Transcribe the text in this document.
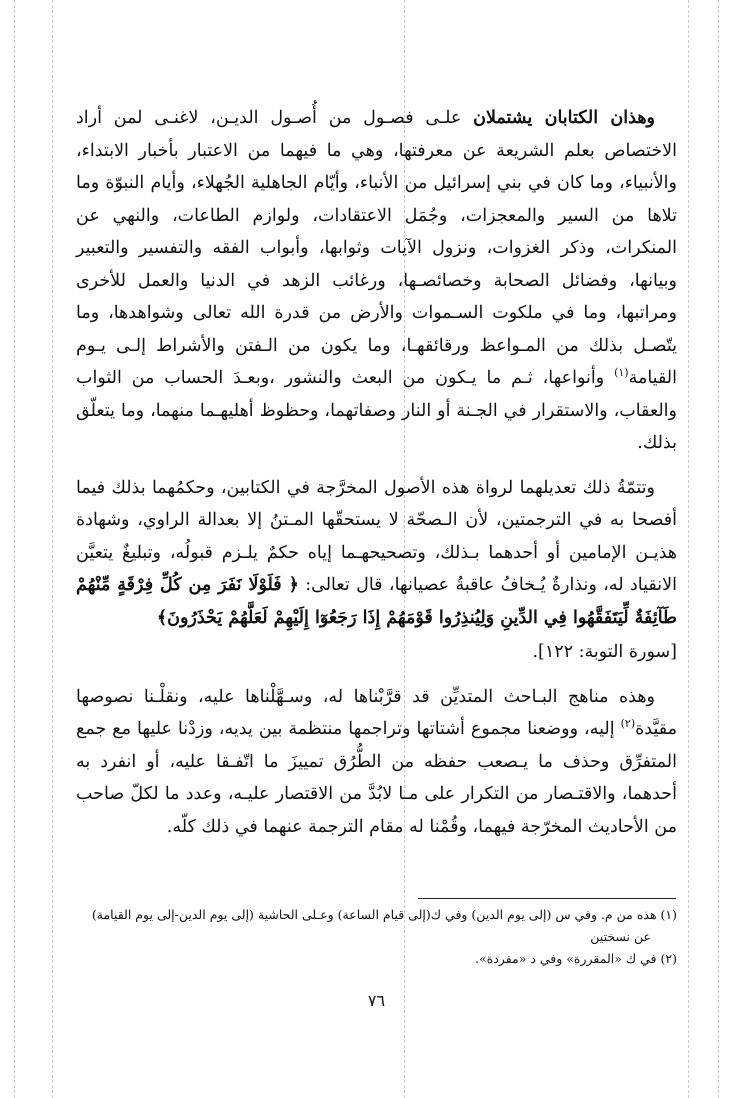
وهذان الكتابان يشتملان علـى فصـول من أُصـول الديـن، لاغنـى لمن أراد الاختصاص بعلم الشريعة عن معرفتها، وهي ما فيهما من الاعتبار بأخبار الابتداء، والأنبياء، وما كان في بني إسرائيل من الأنباء، وأيّام الجاهلية الجُهلاء، وأيام النبوّة وما تلاها من السير والمعجزات، وجُمَل الاعتقادات، ولوازم الطاعات، والنهي عن المنكرات، وذكر الغزوات، ونزول الآيات وثوابها، وأبواب الفقه والتفسير والتعبير وبيانها، وفضائل الصحابة وخصائصـها، ورغائب الزهد في الدنيا والعمل للأخرى ومراتبها، وما في ملكوت السـموات والأرض من قدرة الله تعالى وشواهدها، وما يتّصـل بذلك من المـواعظ ورقائقهـا، وما يكون من الـفتن والأشراط إلـى يـوم القيامة$^{(١)}$ وأنواعها، ثـم ما يـكون من البعث والنشور ،وبعـدَ الحساب من الثواب والعقاب، والاستقرار في الجـنة أو النار وصفاتهما، وحظوظ أهليهـما منهما، وما يتعلّق بذلك.

وتتمّةُ ذلك تعديلهما لرواة هذه الأصول المخرَّجة في الكتابين، وحكمُهما بذلك فيما أفصحا به في الترجمتين، لأن الـصحّة لا يستحقّها المـتنُ إلا بعدالة الراوي، وشهادة هذيـن الإمامين أو أحدهما بـذلك، وتصحيحهـما إياه حكمٌ يلـزم قبولُه، وتبليغٌ يتعيَّن الانقياد له، ونذارةٌ يُـخافُ عاقبةُ عصيانها، قال تعالى: ﴿ فَلَوْلَا نَفَرَ مِن كُلِّ فِرْقَةٍ مِّنْهُمْ طَآئِفَةٌ لِّيَتَفَقَّهُوا فِي الدِّينِ وَلِيُنذِرُوا قَوْمَهُمْ إِذَا رَجَعُوٓا إِلَيْهِمْ لَعَلَّهُمْ يَحْذَرُونَ﴾

[سورة التوبة: ١٢٢].

وهذه مناهج البـاحث المتديِّن قد قرَّبْناها له، وسـهَّلْناها عليه، ونقلْـنا نصوصها مقيَّدة$^{(٢)}$ إليه، ووضعنا مجموع أشتاتها وتراجمها منتظمة بين يديه، وزدْنا عليها مع جمع المتفرِّق وحذف ما يـصعب حفظه من الطُّرُق تمييزَ ما اتّفـقا عليه، أو انفرد به أحدهما، والاقتـصار من التكرار على مـا لابُدَّ من الاقتصار عليـه، وعدد ما لكلّ صاحب من الأحاديث المخرّجة فيهما، وقُمْنا له مقام الترجمة عنهما في ذلك كلّه.

(١) هذه من م. وفي س (إلى يوم الدين) وفي ك(إلى قيام الساعة) وعـلى الحاشية (إلى يوم الدين-إلى يوم القيامة)
عن نسختين
(٢) في ك «المقررة» وفي د «مفردة».
٧٦
